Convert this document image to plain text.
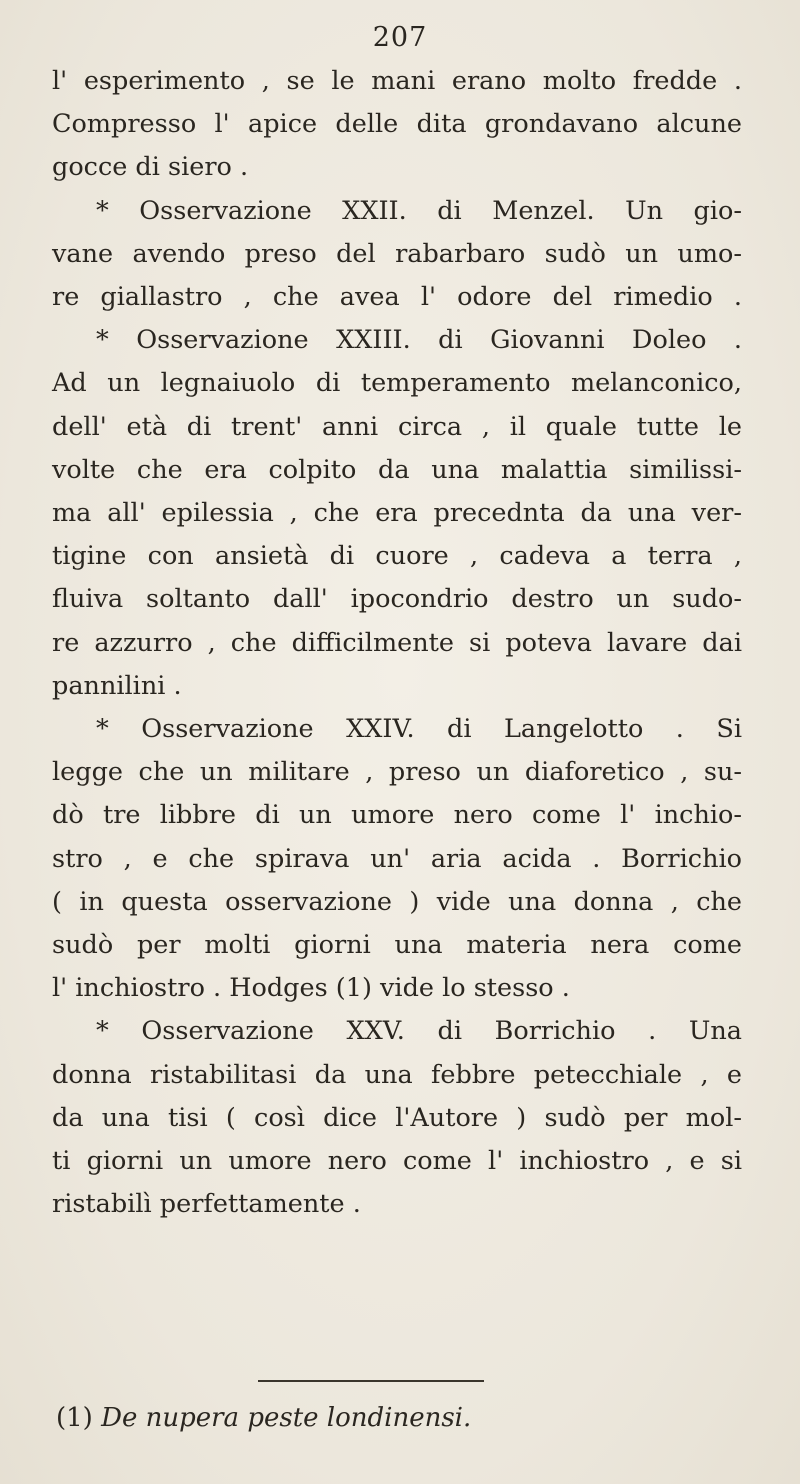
207
l' esperimento , se le mani erano molto fredde .
Compresso l' apice delle dita grondavano alcune
gocce di siero .
* Osservazione XXII. di Menzel. Un gio-
vane avendo preso del rabarbaro sudò un umo-
re giallastro , che avea l' odore del rimedio .
* Osservazione XXIII. di Giovanni Doleo .
Ad un legnaiuolo di temperamento melanconico,
dell' età di trent' anni circa , il quale tutte le
volte che era colpito da una malattia similissi-
ma all' epilessia , che era precednta da una ver-
tigine con ansietà di cuore , cadeva a terra ,
fluiva soltanto dall' ipocondrio destro un sudo-
re azzurro , che difficilmente si poteva lavare dai
pannilini .
* Osservazione XXIV. di Langelotto . Si
legge che un militare , preso un diaforetico , su-
dò tre libbre di un umore nero come l' inchio-
stro , e che spirava un' aria acida . Borrichio
( in questa osservazione ) vide una donna , che
sudò per molti giorni una materia nera come
l' inchiostro . Hodges (1) vide lo stesso .
* Osservazione XXV. di Borrichio . Una
donna ristabilitasi da una febbre petecchiale , e
da una tisi ( così dice l'Autore ) sudò per mol-
ti giorni un umore nero come l' inchiostro , e si
ristabilì perfettamente .
(1) De nupera peste londinensi.
